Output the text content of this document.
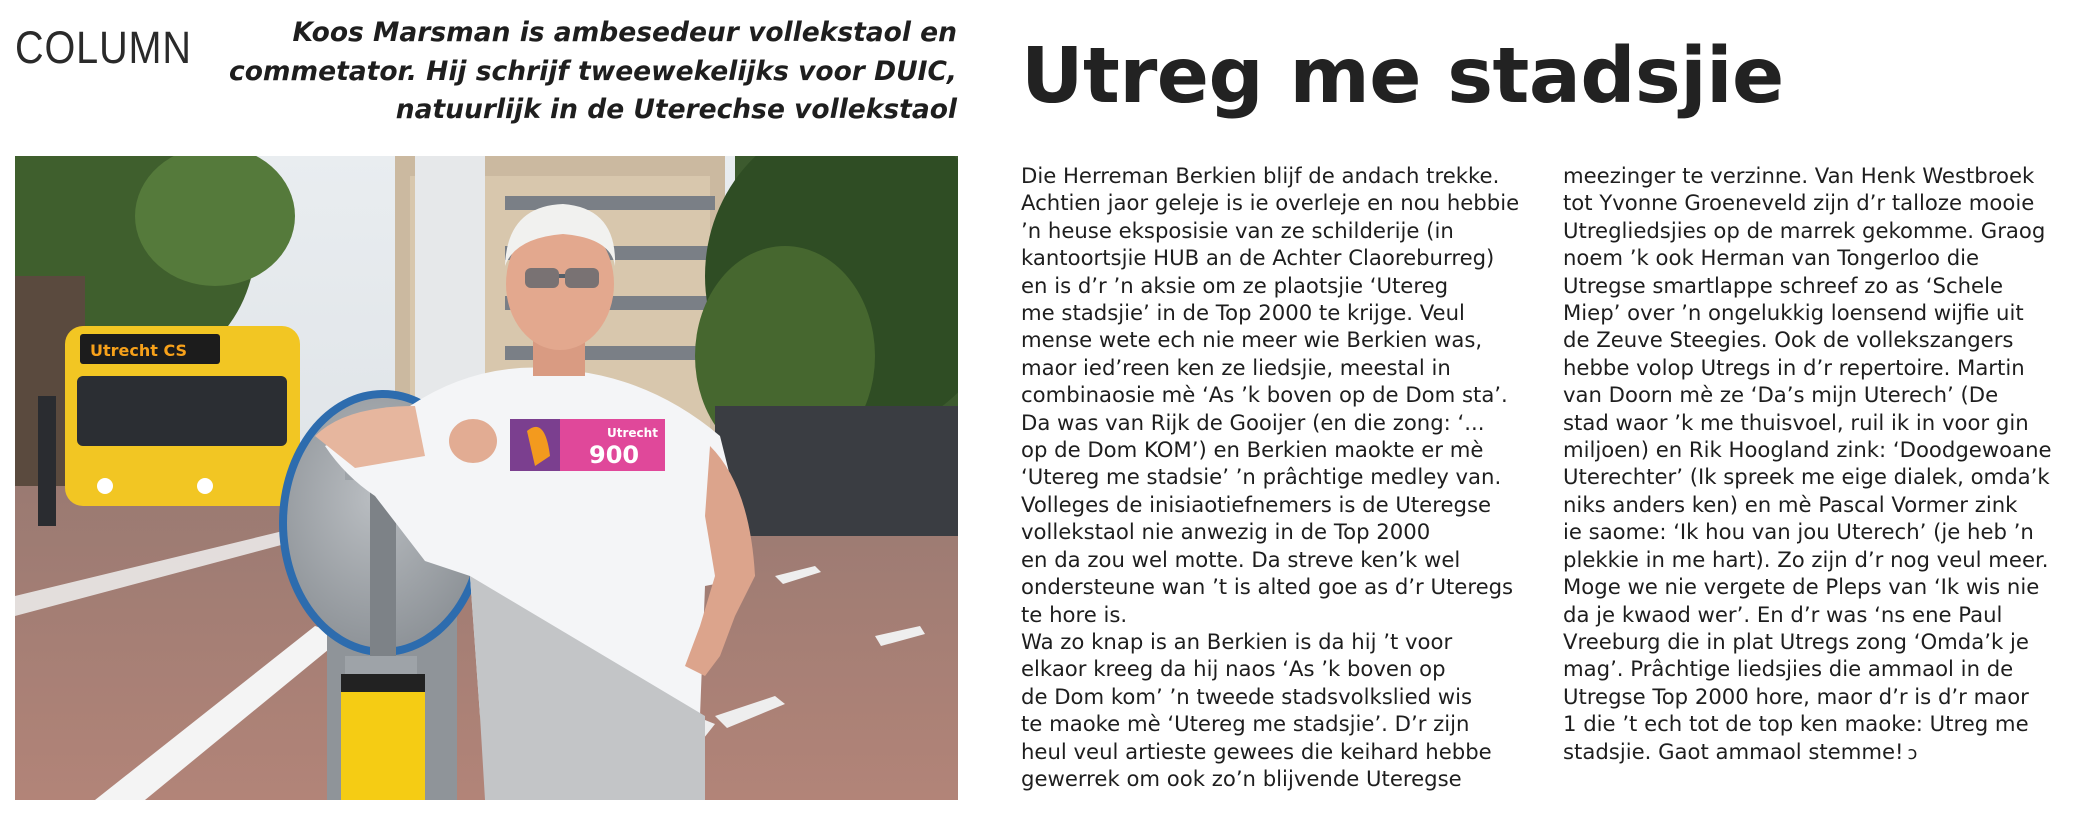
COLUMN	Koos Marsman is ambesedeur vollekstaol en
commetator. Hij schrijf tweewekelijks voor DUIC,
natuurlijk in de Uterechse vollekstaol Utreg me stadsjie
Utrecht CS
Utrecht
900
Die Herreman Berkien blijf de andach trekke.
Achtien jaor geleje is ie overleje en nou hebbie
’n heuse eksposisie van ze schilderije (in
kantoortsjie HUB an de Achter Claoreburreg)
en is d’r ’n aksie om ze plaotsjie ‘Utereg
me stadsjie’ in de Top 2000 te krijge. Veul
mense wete ech nie meer wie Berkien was,
maor ied’reen ken ze liedsjie, meestal in
combinaosie mè ‘As ’k boven op de Dom sta’.
Da was van Rijk de Gooijer (en die zong: ‘...
op de Dom KOM’) en Berkien maokte er mè
‘Utereg me stadsie’ ’n prâchtige medley van.
Volleges de inisiaotiefnemers is de Uteregse
vollekstaol nie anwezig in de Top 2000
en da zou wel motte. Da streve ken’k wel
ondersteune wan ’t is alted goe as d’r Uteregs
te hore is.
Wa zo knap is an Berkien is da hij ’t voor
elkaor kreeg da hij naos ‘As ’k boven op
de Dom kom’ ’n tweede stadsvolkslied wis
te maoke mè ‘Utereg me stadsjie’. D’r zijn
heul veul artieste gewees die keihard hebbe
gewerrek om ook zo’n blijvende Uteregse
meezinger te verzinne. Van Henk Westbroek
tot Yvonne Groeneveld zijn d’r talloze mooie
Utregliedsjies op de marrek gekomme. Graog
noem ’k ook Herman van Tongerloo die
Utregse smartlappe schreef zo as ‘Schele
Miep’ over ’n ongelukkig loensend wijfie uit
de Zeuve Steegies. Ook de vollekszangers
hebbe volop Utregs in d’r repertoire. Martin
van Doorn mè ze ‘Da’s mijn Uterech’ (De
stad waor ’k me thuisvoel, ruil ik in voor gin
miljoen) en Rik Hoogland zink: ‘Doodgewoane
Uterechter’ (Ik spreek me eige dialek, omda’k
niks anders ken) en mè Pascal Vormer zink
ie saome: ‘Ik hou van jou Uterech’ (je heb ’n
plekkie in me hart). Zo zijn d’r nog veul meer.
Moge we nie vergete de Pleps van ‘Ik wis nie
da je kwaod wer’. En d’r was ‘ns ene Paul
Vreeburg die in plat Utregs zong ‘Omda’k je
mag’. Prâchtige liedsjies die ammaol in de
Utregse Top 2000 hore, maor d’r is d’r maor
1 die ’t ech tot de top ken maoke: Utreg me
stadsjie. Gaot ammaol stemme! ↄ
